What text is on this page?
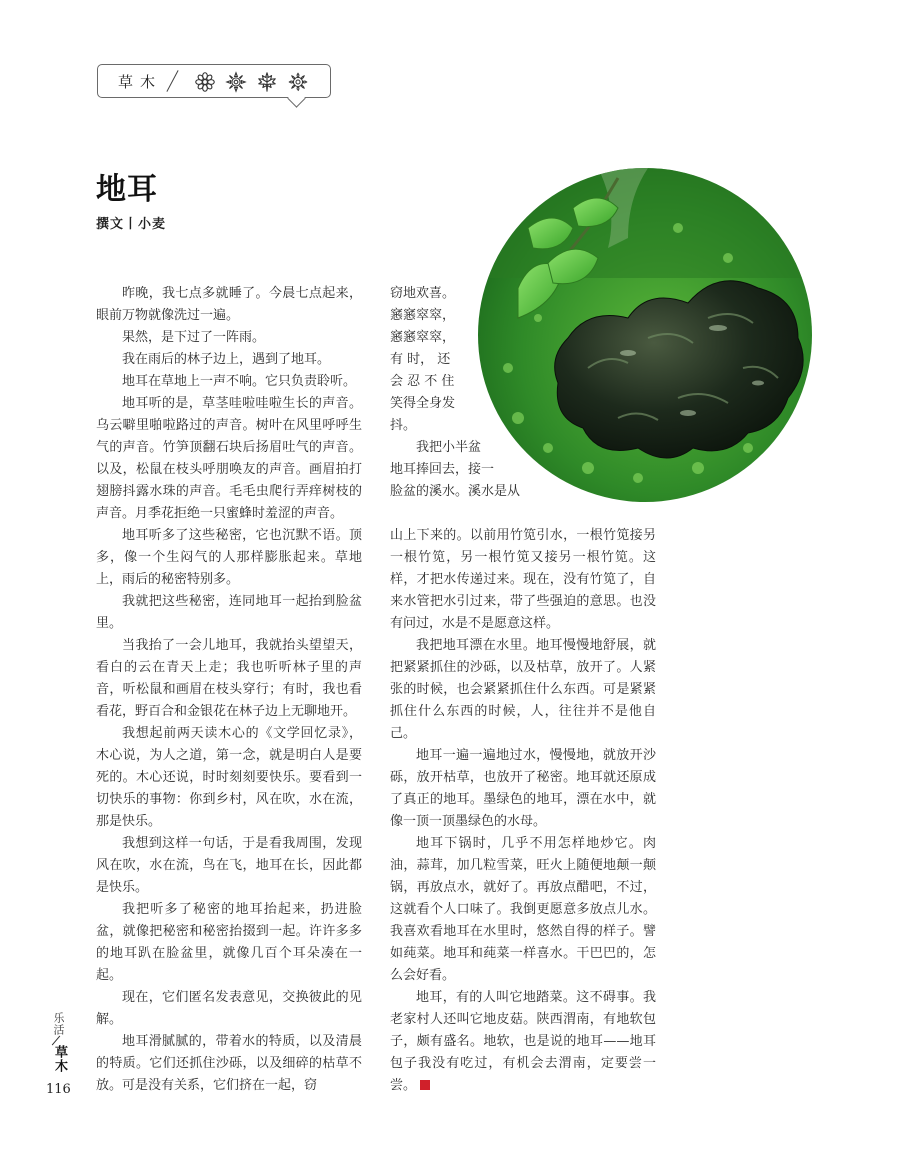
草木
地耳
撰文丨小麦

昨晚，我七点多就睡了。今晨七点起来，眼前万物就像洗过一遍。

果然，是下过了一阵雨。

我在雨后的林子边上，遇到了地耳。

地耳在草地上一声不响。它只负责聆听。

地耳听的是，草茎哇啦哇啦生长的声音。乌云噼里啪啦路过的声音。树叶在风里呼呼生气的声音。竹笋顶翻石块后扬眉吐气的声音。以及，松鼠在枝头呼朋唤友的声音。画眉拍打翅膀抖露水珠的声音。毛毛虫爬行弄痒树枝的声音。月季花拒绝一只蜜蜂时羞涩的声音。

地耳听多了这些秘密，它也沉默不语。顶多，像一个生闷气的人那样膨胀起来。草地上，雨后的秘密特别多。

我就把这些秘密，连同地耳一起抬到脸盆里。

当我抬了一会儿地耳，我就抬头望望天，看白的云在青天上走；我也听听林子里的声音，听松鼠和画眉在枝头穿行；有时，我也看看花，野百合和金银花在林子边上无聊地开。

我想起前两天读木心的《文学回忆录》，木心说，为人之道，第一念，就是明白人是要死的。木心还说，时时刻刻要快乐。要看到一切快乐的事物：你到乡村，风在吹，水在流，那是快乐。

我想到这样一句话，于是看我周围，发现风在吹，水在流，鸟在飞，地耳在长，因此都是快乐。

我把听多了秘密的地耳抬起来，扔进脸盆，就像把秘密和秘密抬掇到一起。许许多多的地耳趴在脸盆里，就像几百个耳朵凑在一起。

现在，它们匿名发表意见，交换彼此的见解。

地耳滑腻腻的，带着水的特质，以及清晨的特质。它们还抓住沙砾，以及细碎的枯草不放。可是没有关系，它们挤在一起，窃

窃地欢喜。
窸窸窣窣，
窸窸窣窣，
有 时， 还
会 忍 不 住
笑得全身发
抖。
　　我把小半盆
地耳捧回去，接一
脸盆的溪水。溪水是从

山上下来的。以前用竹笕引水，一根竹笕接另一根竹笕，另一根竹笕又接另一根竹笕。这样，才把水传递过来。现在，没有竹笕了，自来水管把水引过来，带了些强迫的意思。也没有问过，水是不是愿意这样。

我把地耳漂在水里。地耳慢慢地舒展，就把紧紧抓住的沙砾，以及枯草，放开了。人紧张的时候，也会紧紧抓住什么东西。可是紧紧抓住什么东西的时候，人，往往并不是他自己。

地耳一遍一遍地过水，慢慢地，就放开沙砾，放开枯草，也放开了秘密。地耳就还原成了真正的地耳。墨绿色的地耳，漂在水中，就像一顶一顶墨绿色的水母。

地耳下锅时，几乎不用怎样地炒它。肉油，蒜茸，加几粒雪菜，旺火上随便地颠一颠锅，再放点水，就好了。再放点醋吧，不过，这就看个人口味了。我倒更愿意多放点儿水。我喜欢看地耳在水里时，悠然自得的样子。譬如莼菜。地耳和莼菜一样喜水。干巴巴的，怎么会好看。

地耳，有的人叫它地踏菜。这不碍事。我老家村人还叫它地皮菇。陕西渭南，有地软包子，颇有盛名。地软，也是说的地耳——地耳包子我没有吃过，有机会去渭南，定要尝一尝。

乐活
草木
116
